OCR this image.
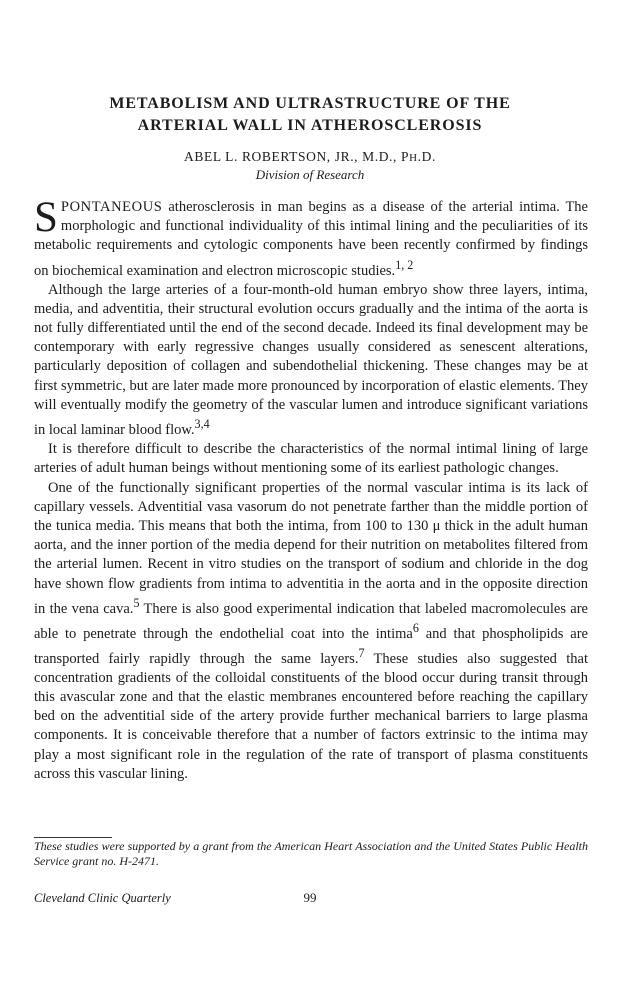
METABOLISM AND ULTRASTRUCTURE OF THE
ARTERIAL WALL IN ATHEROSCLEROSIS
ABEL L. ROBERTSON, JR., M.D., PH.D.
Division of Research

SPONTANEOUS atherosclerosis in man begins as a disease of the arterial intima. The morphologic and functional individuality of this intimal lining and the peculiarities of its metabolic requirements and cytologic components have been recently confirmed by findings on biochemical examination and electron microscopic studies.$^{1, 2}$

Although the large arteries of a four-month-old human embryo show three layers, intima, media, and adventitia, their structural evolution occurs gradually and the intima of the aorta is not fully differentiated until the end of the second decade. Indeed its final development may be contemporary with early regressive changes usually considered as senescent alterations, particularly deposition of collagen and subendothelial thickening. These changes may be at first symmetric, but are later made more pronounced by incorporation of elastic elements. They will eventually modify the geometry of the vascular lumen and introduce significant variations in local laminar blood flow.$^{3,4}$

It is therefore difficult to describe the characteristics of the normal intimal lining of large arteries of adult human beings without mentioning some of its earliest pathologic changes.

One of the functionally significant properties of the normal vascular intima is its lack of capillary vessels. Adventitial vasa vasorum do not penetrate farther than the middle portion of the tunica media. This means that both the intima, from 100 to 130 μ thick in the adult human aorta, and the inner portion of the media depend for their nutrition on metabolites filtered from the arterial lumen. Recent in vitro studies on the transport of sodium and chloride in the dog have shown flow gradients from intima to adventitia in the aorta and in the opposite direction in the vena cava.$^5$ There is also good experimental indication that labeled macromolecules are able to penetrate through the endothelial coat into the intima$^6$ and that phospholipids are transported fairly rapidly through the same layers.$^7$ These studies also suggested that concentration gradients of the colloidal constituents of the blood occur during transit through this avascular zone and that the elastic membranes encountered before reaching the capillary bed on the adventitial side of the artery provide further mechanical barriers to large plasma components. It is conceivable therefore that a number of factors extrinsic to the intima may play a most significant role in the regulation of the rate of transport of plasma constituents across this vascular lining.

These studies were supported by a grant from the American Heart Association and the United States Public Health Service grant no. H-2471.
Cleveland Clinic Quarterly	99
